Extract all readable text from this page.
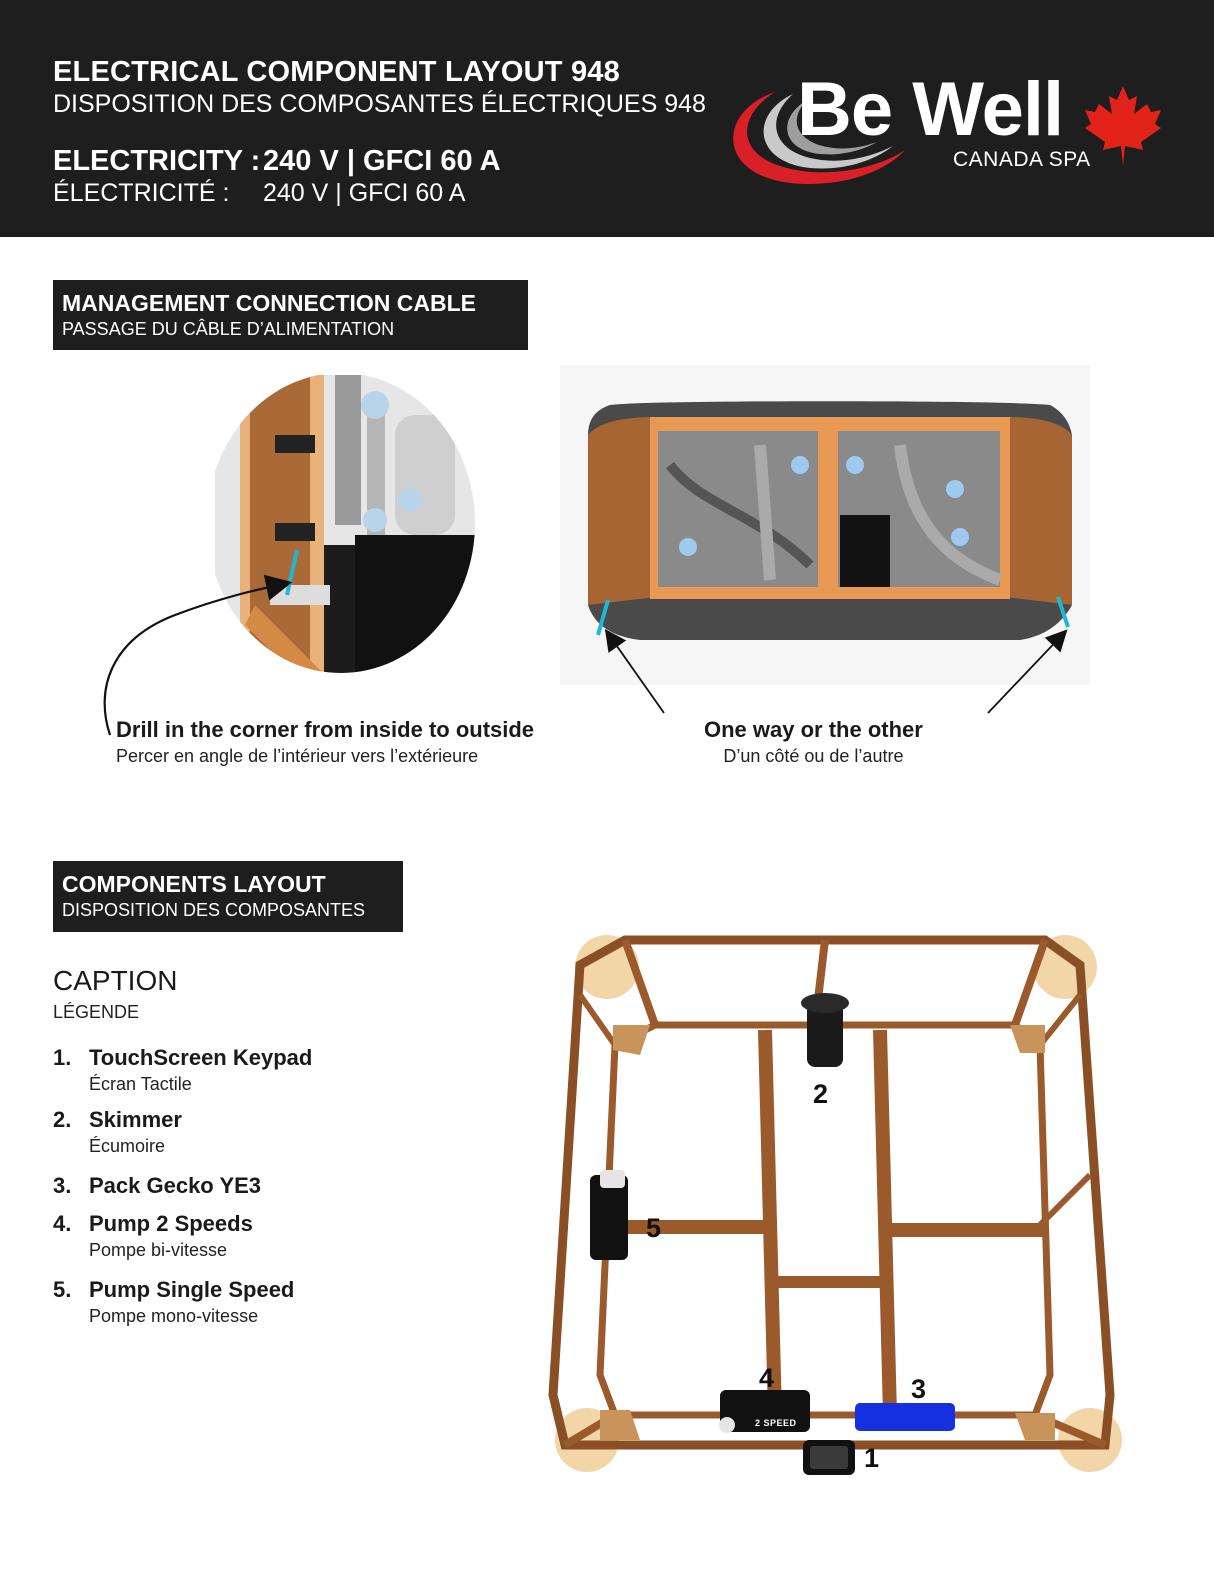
ELECTRICAL COMPONENT LAYOUT 948
DISPOSITION DES COMPOSANTES ÉLECTRIQUES 948
ELECTRICITY : 240 V | GFCI 60 A
ÉLECTRICITÉ : 240 V | GFCI 60 A
Be Well
CANADA SPA
MANAGEMENT CONNECTION CABLE
PASSAGE DU CÂBLE D’ALIMENTATION
Drill in the corner from inside to outside
Percer en angle de l’intérieur vers l’extérieure
One way or the other
D’un côté ou de l’autre
COMPONENTS LAYOUT
DISPOSITION DES COMPOSANTES
CAPTION
LÉGENDE
1. TouchScreen Keypad
Écran Tactile
2. Skimmer
Écumoire
3. Pack Gecko YE3
4. Pump 2 Speeds
Pompe bi-vitesse
5. Pump Single Speed
Pompe mono-vitesse
1
2
3
4
5
2 SPEED
